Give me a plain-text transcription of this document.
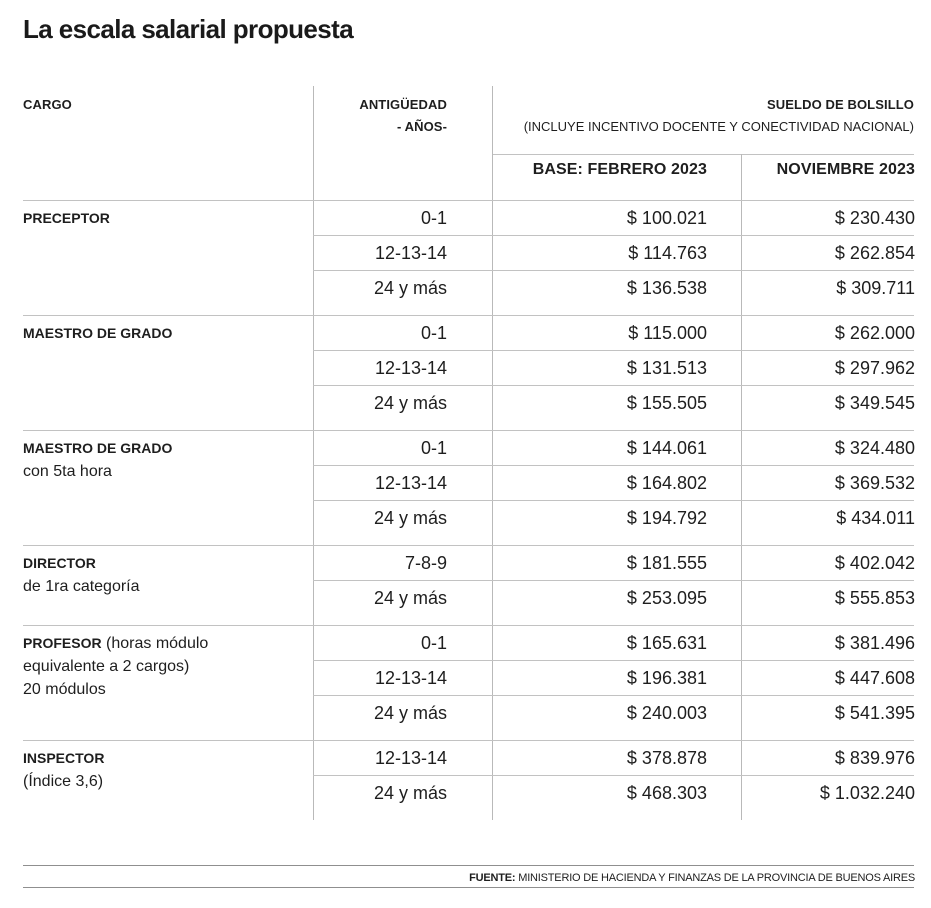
La escala salarial propuesta
CARGO	ANTIGÜEDAD
- AÑOS-
SUELDO DE BOLSILLO
(INCLUYE INCENTIVO DOCENTE Y CONECTIVIDAD NACIONAL)
BASE: FEBRERO 2023	NOVIEMBRE 2023
PRECEPTOR	0-1	$ 100.021	$ 230.430
12-13-14	$ 114.763	$ 262.854
24 y más	$ 136.538	$ 309.711
MAESTRO DE GRADO	0-1	$ 115.000	$ 262.000
12-13-14	$ 131.513	$ 297.962
24 y más	$ 155.505	$ 349.545
MAESTRO DE GRADO
con 5ta hora
0-1	$ 144.061	$ 324.480
12-13-14	$ 164.802	$ 369.532
24 y más	$ 194.792	$ 434.011
DIRECTOR
de 1ra categoría
7-8-9	$ 181.555	$ 402.042
24 y más	$ 253.095	$ 555.853
PROFESOR (horas módulo
equivalente a 2 cargos)
20 módulos
0-1	$ 165.631	$ 381.496
12-13-14	$ 196.381	$ 447.608
24 y más	$ 240.003	$ 541.395
INSPECTOR
(Índice 3,6)
12-13-14	$ 378.878	$ 839.976
24 y más	$ 468.303	$ 1.032.240
FUENTE: MINISTERIO DE HACIENDA Y FINANZAS DE LA PROVINCIA DE BUENOS AIRES
